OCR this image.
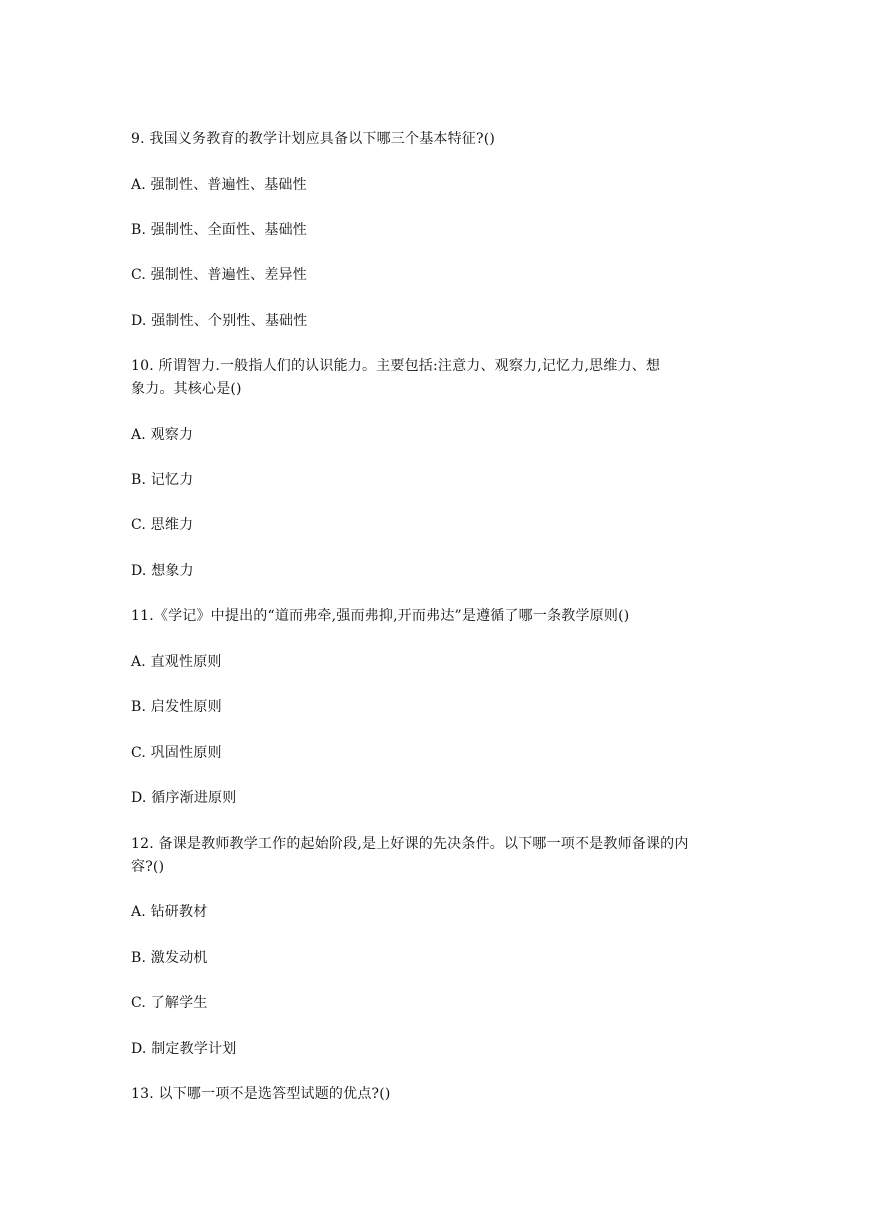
9. 我国义务教育的教学计划应具备以下哪三个基本特征?()
A. 强制性、普遍性、基础性
B. 强制性、全面性、基础性
C. 强制性、普遍性、差异性
D. 强制性、个别性、基础性
10. 所谓智力.一般指人们的认识能力。主要包括:注意力、观察力,记忆力,思维力、想
象力。其核心是()
A. 观察力
B. 记忆力
C. 思维力
D. 想象力
11.《学记》中提出的“道而弗牵,强而弗抑,开而弗达”是遵循了哪一条教学原则()
A. 直观性原则
B. 启发性原则
C. 巩固性原则
D. 循序渐进原则
12. 备课是教师教学工作的起始阶段,是上好课的先决条件。以下哪一项不是教师备课的内
容?()
A. 钻研教材
B. 激发动机
C. 了解学生
D. 制定教学计划
13. 以下哪一项不是选答型试题的优点?()
